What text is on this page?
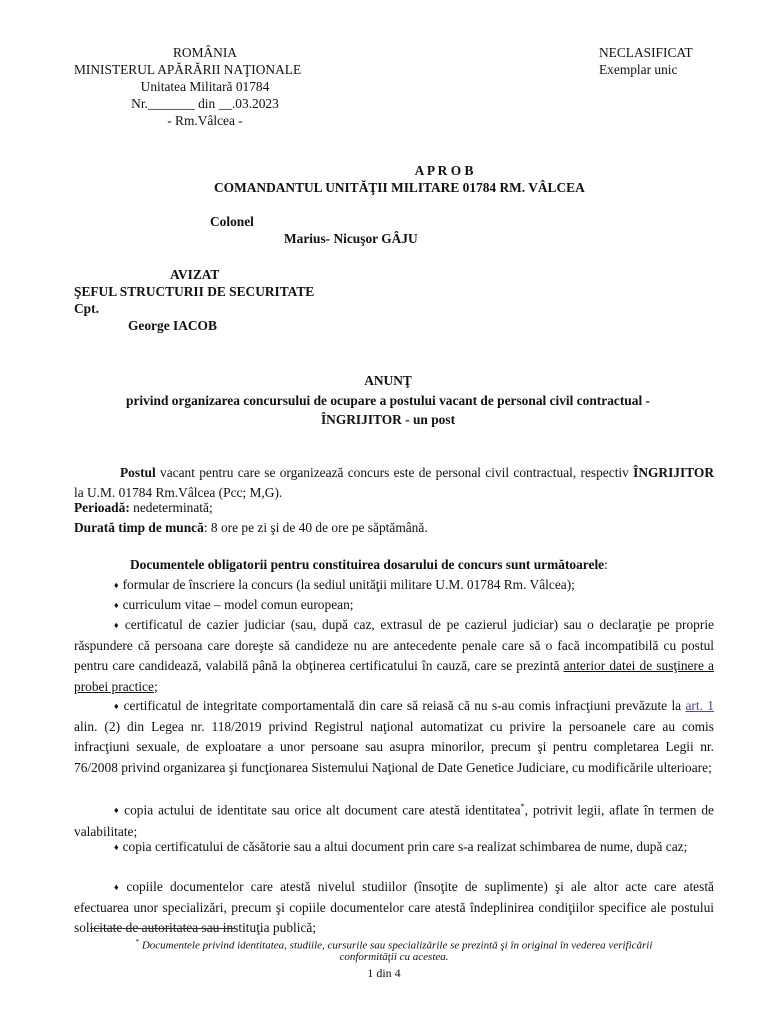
ROMÂNIA
MINISTERUL APĂRĂRII NAŢIONALE
Unitatea Militară 01784
Nr._______ din __.03.2023
- Rm.Vâlcea -
NECLASIFICAT
Exemplar unic
A P R O B
COMANDANTUL UNITĂŢII MILITARE 01784 RM. VÂLCEA
Colonel
Marius- Nicuşor GÂJU
AVIZAT
ŞEFUL STRUCTURII DE SECURITATE
Cpt.
George IACOB
ANUNŢ
privind organizarea concursului de ocupare a postului vacant de personal civil contractual -
ÎNGRIJITOR - un post
Postul vacant pentru care se organizează concurs este de personal civil contractual, respectiv ÎNGRIJITOR la U.M. 01784 Rm.Vâlcea (Pcc; M,G).
Perioadă: nedeterminată;
Durată timp de muncă: 8 ore pe zi şi de 40 de ore pe săptămână.
Documentele obligatorii pentru constituirea dosarului de concurs sunt următoarele:
♦ formular de înscriere la concurs (la sediul unităţii militare U.M. 01784 Rm. Vâlcea);
♦ curriculum vitae – model comun european;
♦ certificatul de cazier judiciar (sau, după caz, extrasul de pe cazierul judiciar) sau o declaraţie pe proprie răspundere că persoana care doreşte să candideze nu are antecedente penale care să o facă incompatibilă cu postul pentru care candidează, valabilă până la obţinerea certificatului în cauză, care se prezintă anterior datei de susţinere a probei practice;
♦ certificatul de integritate comportamentală din care să reiasă că nu s-au comis infracţiuni prevăzute la art. 1 alin. (2) din Legea nr. 118/2019 privind Registrul naţional automatizat cu privire la persoanele care au comis infracţiuni sexuale, de exploatare a unor persoane sau asupra minorilor, precum şi pentru completarea Legii nr. 76/2008 privind organizarea şi funcţionarea Sistemului Naţional de Date Genetice Judiciare, cu modificările ulterioare;
♦ copia actului de identitate sau orice alt document care atestă identitatea*, potrivit legii, aflate în termen de valabilitate;
♦ copia certificatului de căsătorie sau a altui document prin care s-a realizat schimbarea de nume, după caz;
♦ copiile documentelor care atestă nivelul studiilor (însoţite de suplimente) şi ale altor acte care atestă efectuarea unor specializări, precum şi copiile documentelor care atestă îndeplinirea condiţiilor specifice ale postului solicitate de autoritatea sau instituţia publică;
* Documentele privind identitatea, studiile, cursurile sau specializările se prezintă şi în original în vederea verificării
conformităţii cu acestea.
1 din 4
